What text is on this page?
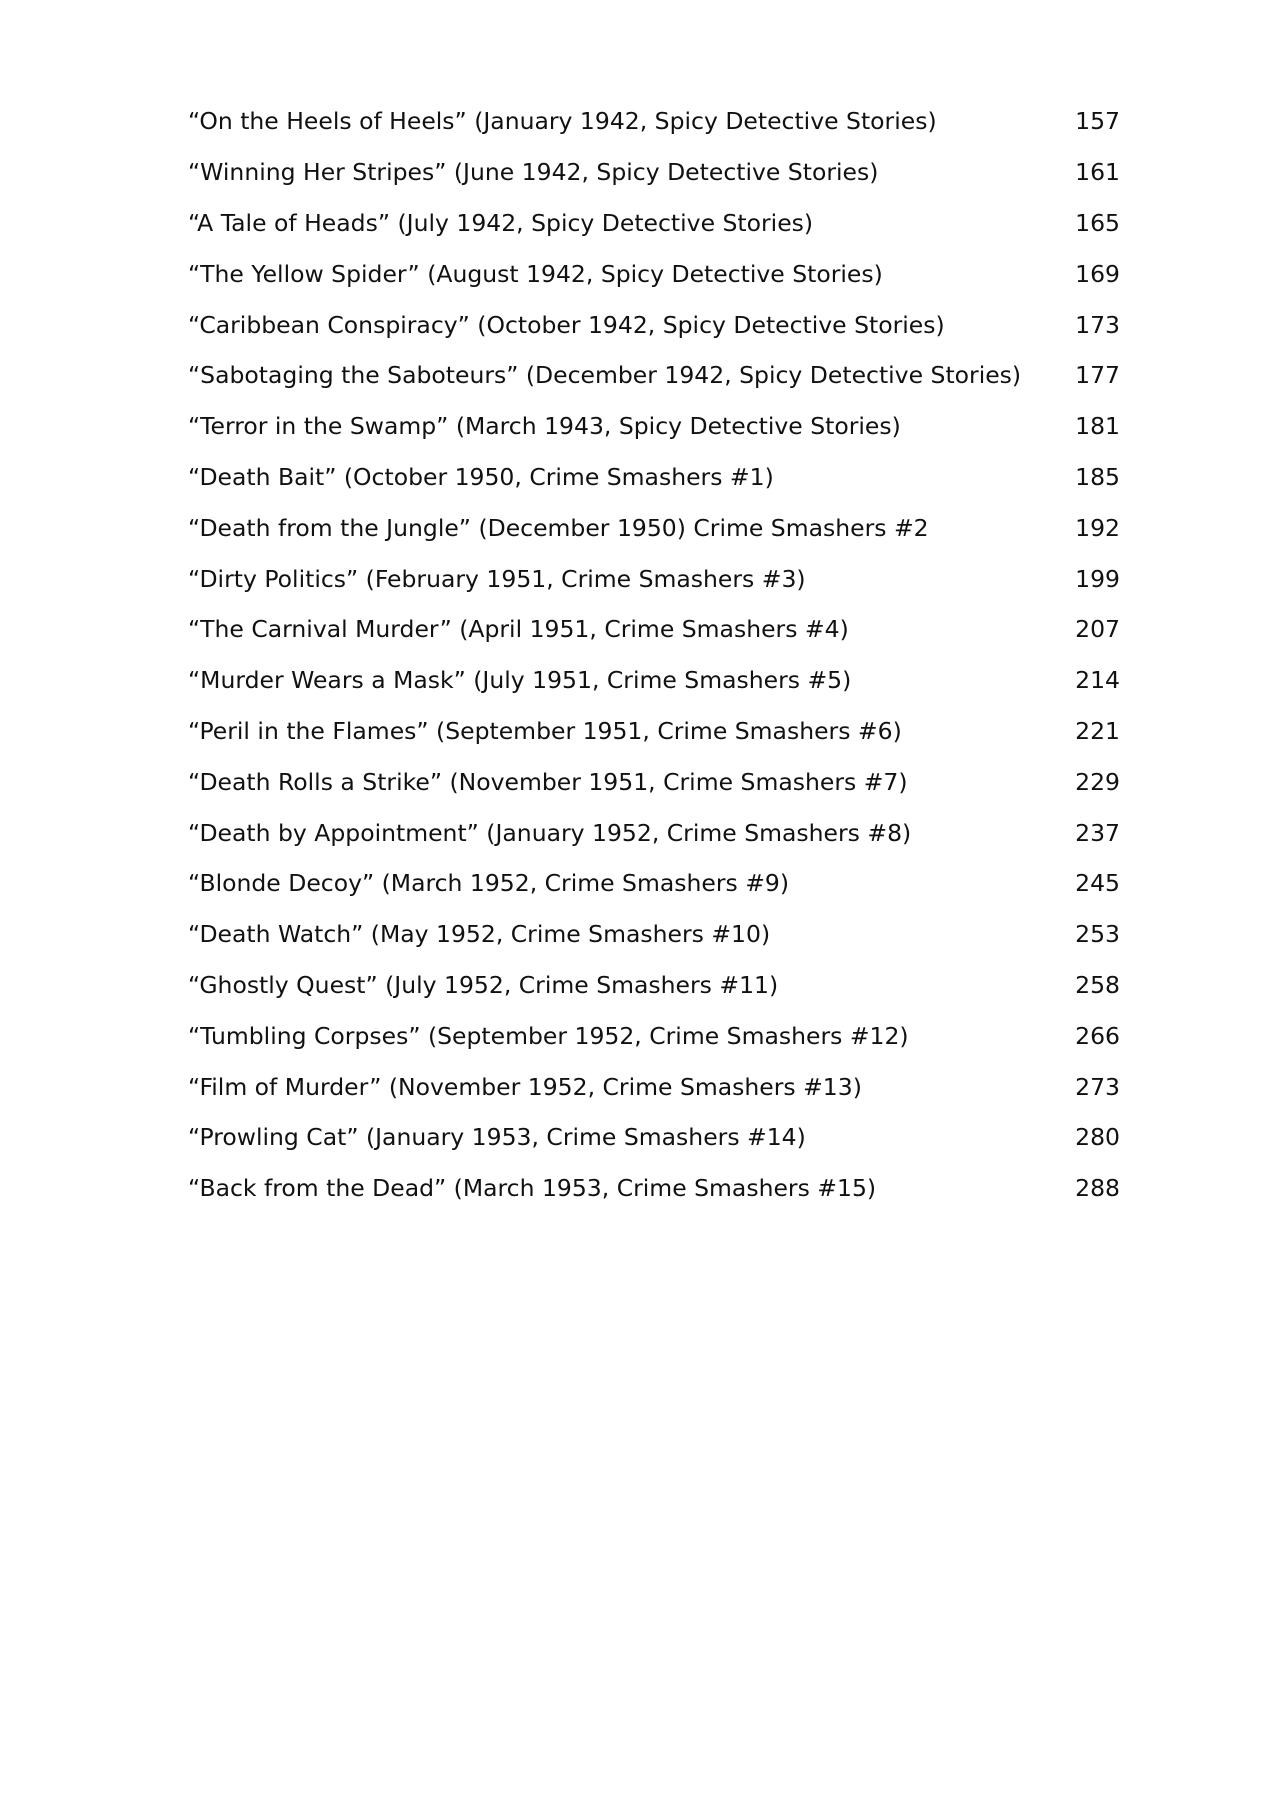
“On the Heels of Heels” (January 1942, Spicy Detective Stories)	157
“Winning Her Stripes” (June 1942, Spicy Detective Stories)	161
“A Tale of Heads” (July 1942, Spicy Detective Stories)	165
“The Yellow Spider” (August 1942, Spicy Detective Stories)	169
“Caribbean Conspiracy” (October 1942, Spicy Detective Stories)	173
“Sabotaging the Saboteurs” (December 1942, Spicy Detective Stories)	177
“Terror in the Swamp” (March 1943, Spicy Detective Stories)	181
“Death Bait” (October 1950, Crime Smashers #1)	185
“Death from the Jungle” (December 1950) Crime Smashers #2	192
“Dirty Politics” (February 1951, Crime Smashers #3)	199
“The Carnival Murder” (April 1951, Crime Smashers #4)	207
“Murder Wears a Mask” (July 1951, Crime Smashers #5)	214
“Peril in the Flames” (September 1951, Crime Smashers #6)	221
“Death Rolls a Strike” (November 1951, Crime Smashers #7)	229
“Death by Appointment” (January 1952, Crime Smashers #8)	237
“Blonde Decoy” (March 1952, Crime Smashers #9)	245
“Death Watch” (May 1952, Crime Smashers #10)	253
“Ghostly Quest” (July 1952, Crime Smashers #11)	258
“Tumbling Corpses” (September 1952, Crime Smashers #12)	266
“Film of Murder” (November 1952, Crime Smashers #13)	273
“Prowling Cat” (January 1953, Crime Smashers #14)	280
“Back from the Dead” (March 1953, Crime Smashers #15)	288
